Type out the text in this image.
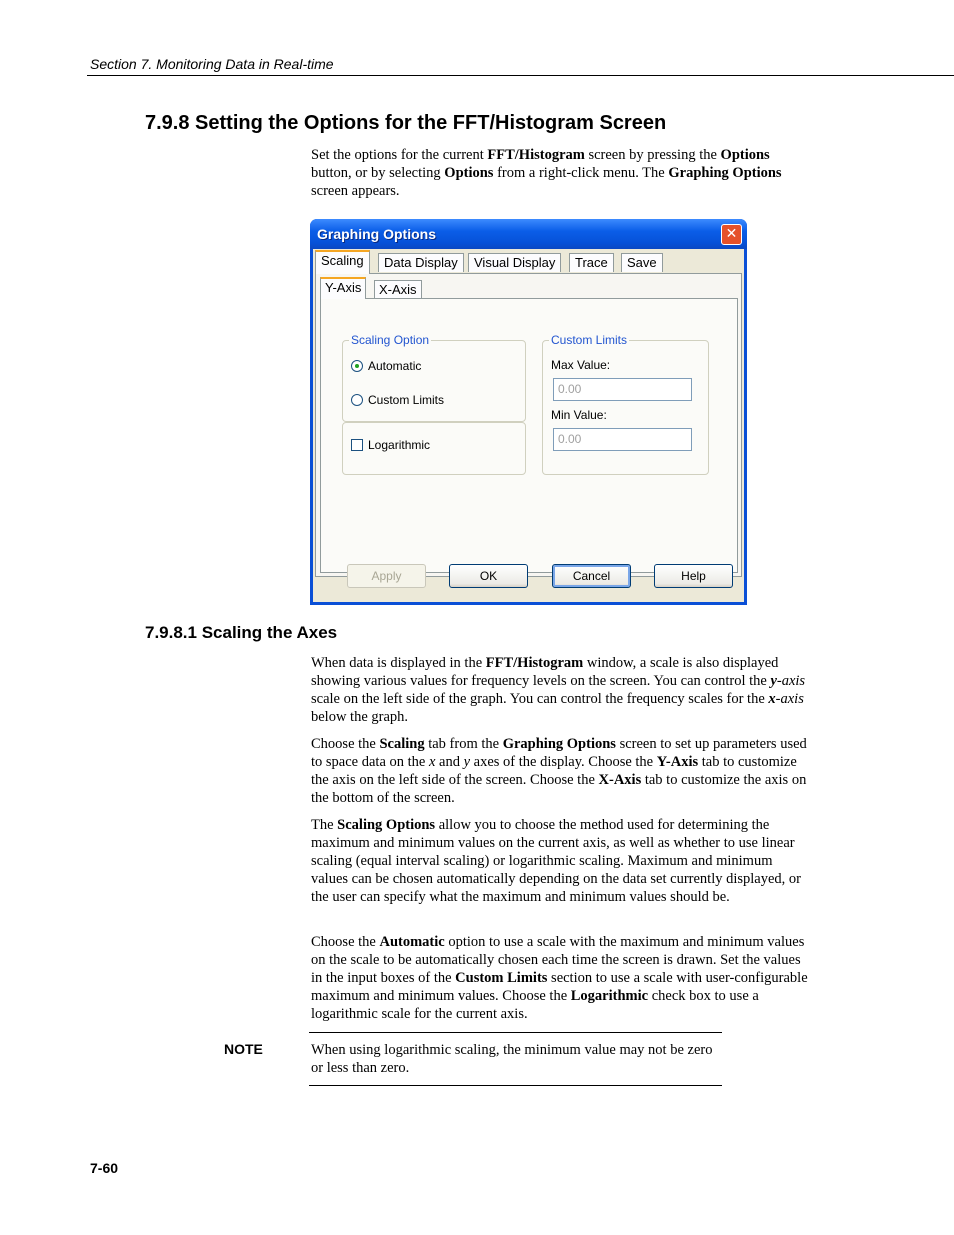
Section 7. Monitoring Data in Real-time
7.9.8 Setting the Options for the FFT/Histogram Screen

Set the options for the current FFT/Histogram screen by pressing the Options button, or by selecting Options from a right-click menu. The Graphing Options screen appears.

Graphing Options	✕
Scaling	Data Display	Visual Display	Trace	Save
Y-Axis	X-Axis
Scaling Option
Automatic
Custom Limits
Logarithmic
Custom Limits
Max Value:
0.00
Min Value:
0.00
Apply	OK	Cancel	Help
7.9.8.1 Scaling the Axes

When data is displayed in the FFT/Histogram window, a scale is also displayed showing various values for frequency levels on the screen. You can control the y-axis scale on the left side of the graph. You can control the frequency scales for the x-axis below the graph.

Choose the Scaling tab from the Graphing Options screen to set up parameters used to space data on the x and y axes of the display. Choose the Y-Axis tab to customize the axis on the left side of the screen. Choose the X-Axis tab to customize the axis on the bottom of the screen.

The Scaling Options allow you to choose the method used for determining the maximum and minimum values on the current axis, as well as whether to use linear scaling (equal interval scaling) or logarithmic scaling. Maximum and minimum values can be chosen automatically depending on the data set currently displayed, or the user can specify what the maximum and minimum values should be.

Choose the Automatic option to use a scale with the maximum and minimum values on the scale to be automatically chosen each time the screen is drawn. Set the values in the input boxes of the Custom Limits section to use a scale with user-configurable maximum and minimum values. Choose the Logarithmic check box to use a logarithmic scale for the current axis.

NOTE	When using logarithmic scaling, the minimum value may not be zero or less than zero.
7-60
